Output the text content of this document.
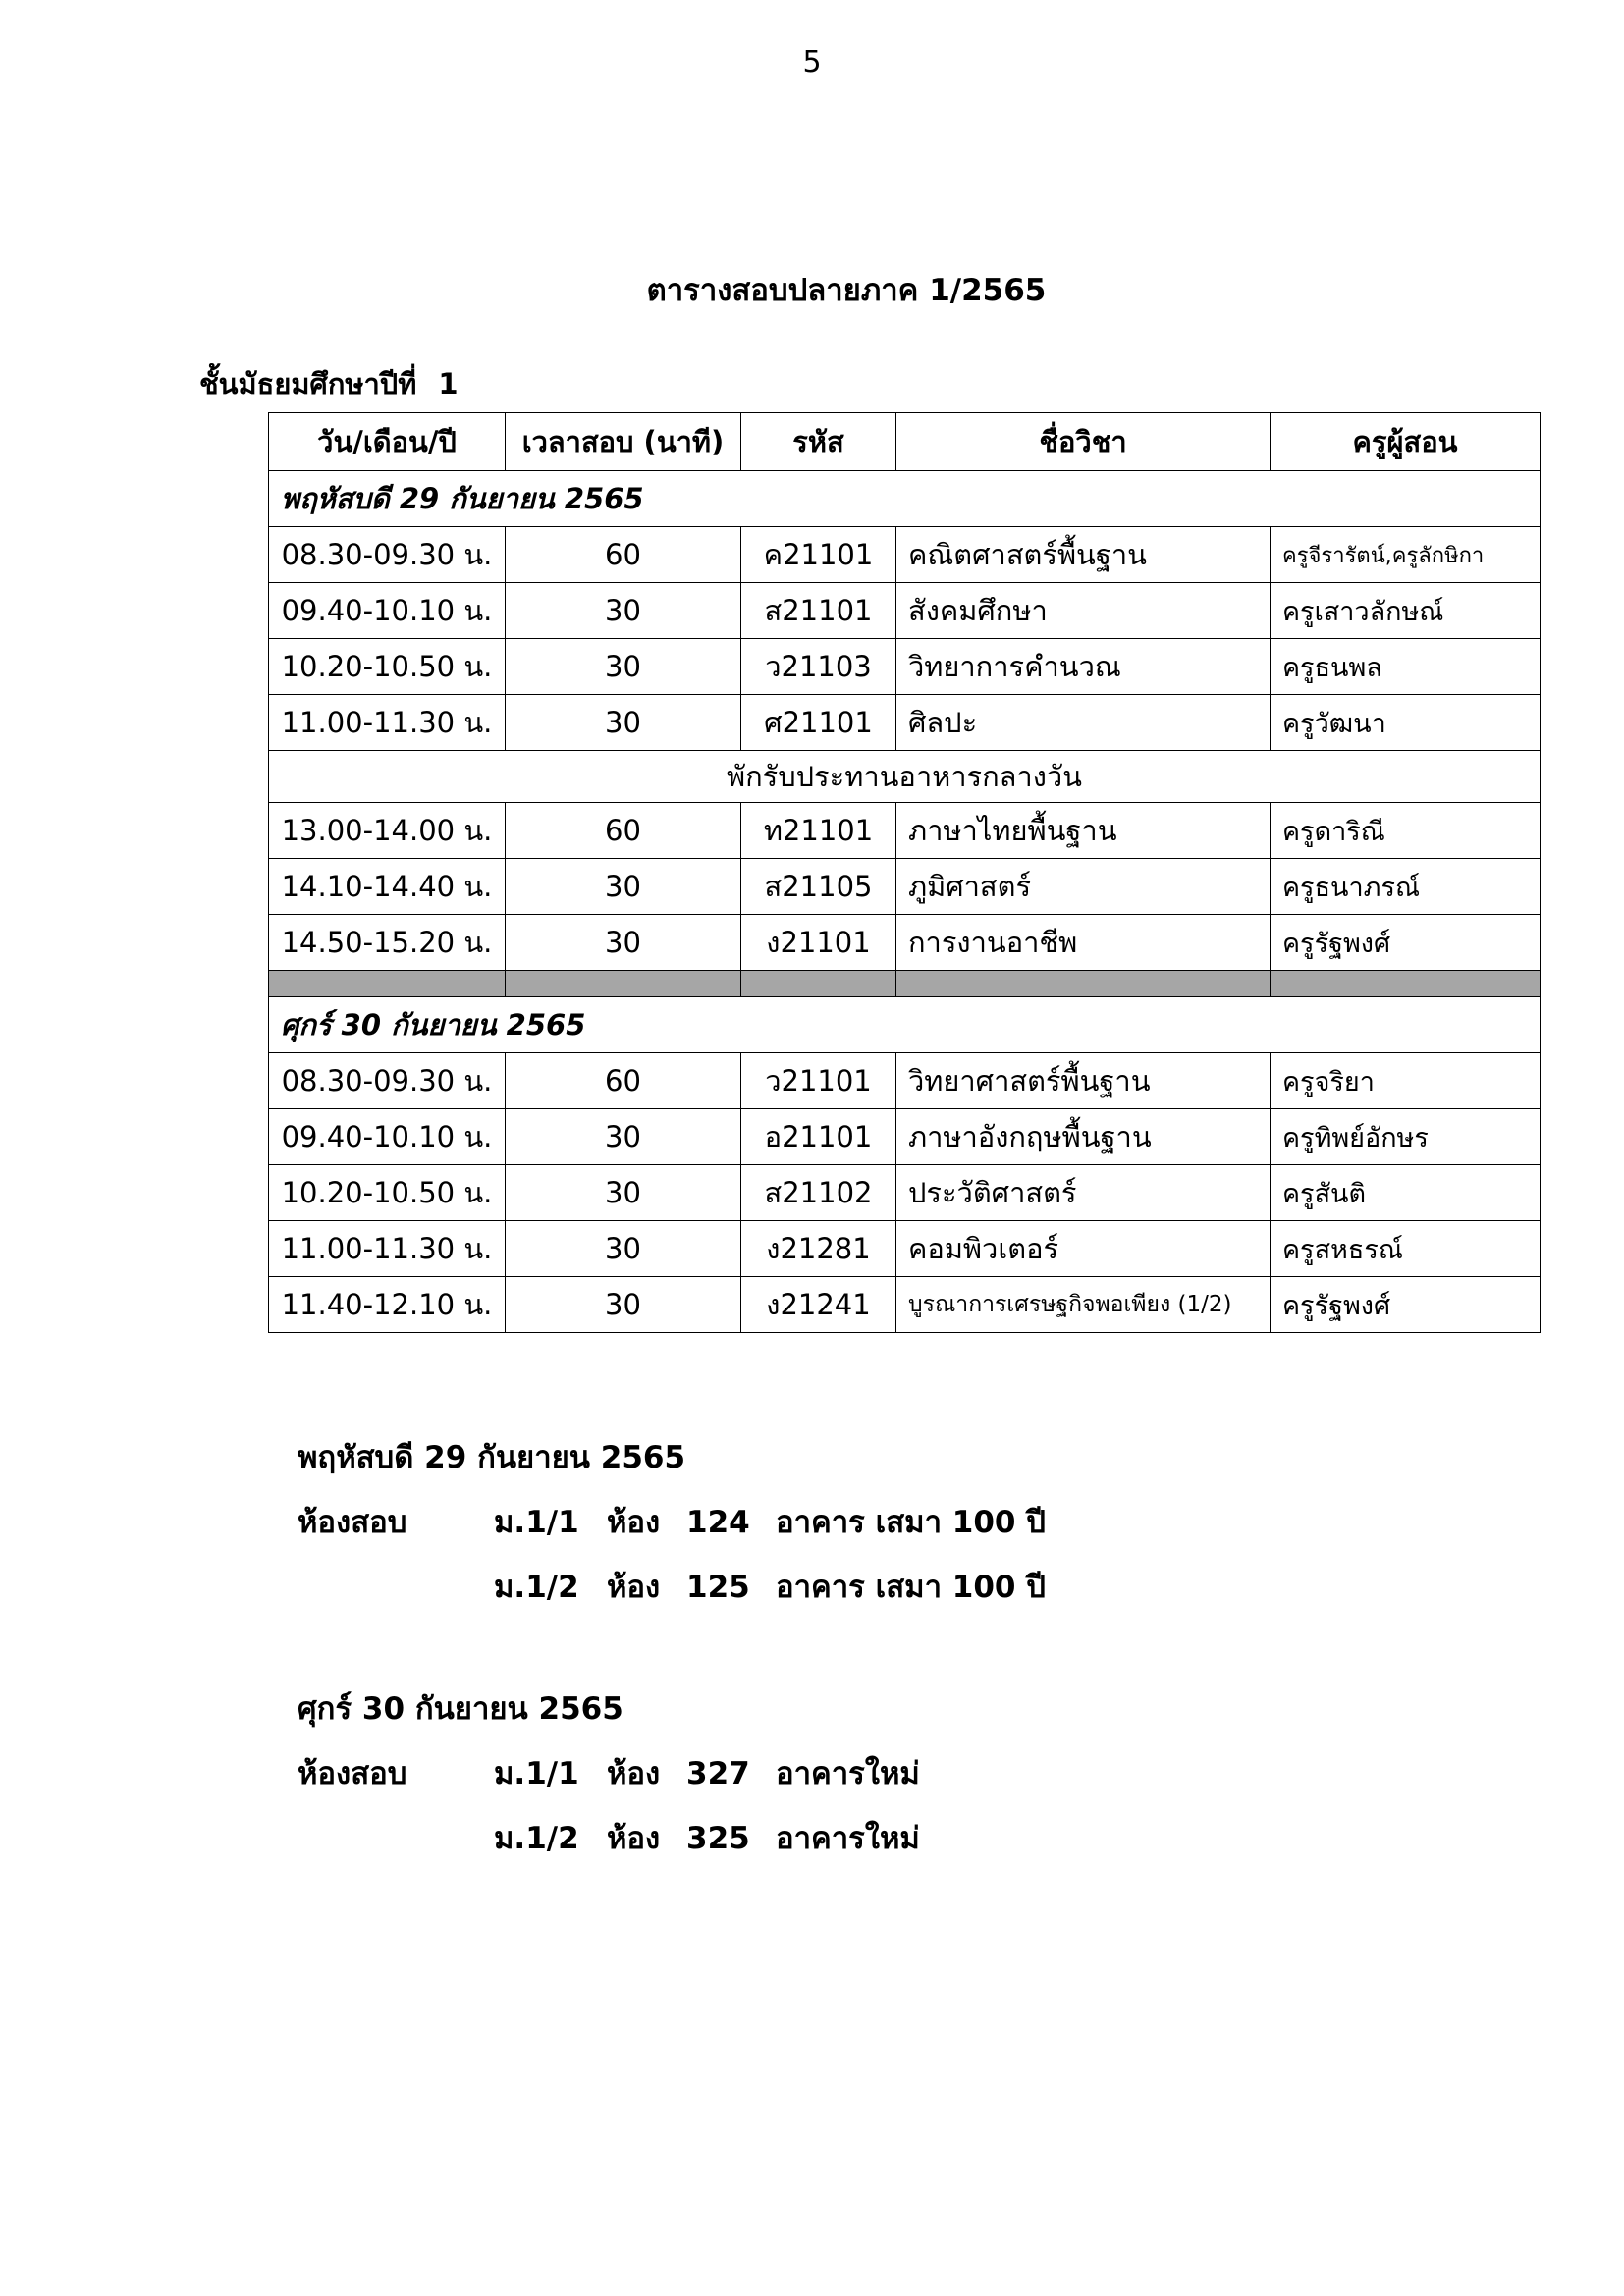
5
ตารางสอบปลายภาค 1/2565
ชั้นมัธยมศึกษาปีที่ 1
วัน/เดือน/ปี	เวลาสอบ (นาที)	รหัส	ชื่อวิชา	ครูผู้สอน
พฤหัสบดี 29 กันยายน 2565				
08.30-09.30 น.	60	ค21101	คณิตศาสตร์พื้นฐาน	ครูจีรารัตน์,ครูลักษิกา
09.40-10.10 น.	30	ส21101	สังคมศึกษา	ครูเสาวลักษณ์
10.20-10.50 น.	30	ว21103	วิทยาการคำนวณ	ครูธนพล
11.00-11.30 น.	30	ศ21101	ศิลปะ	ครูวัฒนา
พักรับประทานอาหารกลางวัน				
13.00-14.00 น.	60	ท21101	ภาษาไทยพื้นฐาน	ครูดาริณี
14.10-14.40 น.	30	ส21105	ภูมิศาสตร์	ครูธนาภรณ์
14.50-15.20 น.	30	ง21101	การงานอาชีพ	ครูรัฐพงศ์

ศุกร์ 30 กันยายน 2565				
08.30-09.30 น.	60	ว21101	วิทยาศาสตร์พื้นฐาน	ครูจริยา
09.40-10.10 น.	30	อ21101	ภาษาอังกฤษพื้นฐาน	ครูทิพย์อักษร
10.20-10.50 น.	30	ส21102	ประวัติศาสตร์	ครูสันติ
11.00-11.30 น.	30	ง21281	คอมพิวเตอร์	ครูสหธรณ์
11.40-12.10 น.	30	ง21241	บูรณาการเศรษฐกิจพอเพียง (1/2)	ครูรัฐพงศ์
พฤหัสบดี 29 กันยายน 2565
ห้องสอบ	ม.1/1 ห้อง 124 อาคาร เสมา 100 ปี
ม.1/2 ห้อง 125 อาคาร เสมา 100 ปี
ศุกร์ 30 กันยายน 2565
ห้องสอบ	ม.1/1 ห้อง 327 อาคารใหม่
ม.1/2 ห้อง 325 อาคารใหม่
